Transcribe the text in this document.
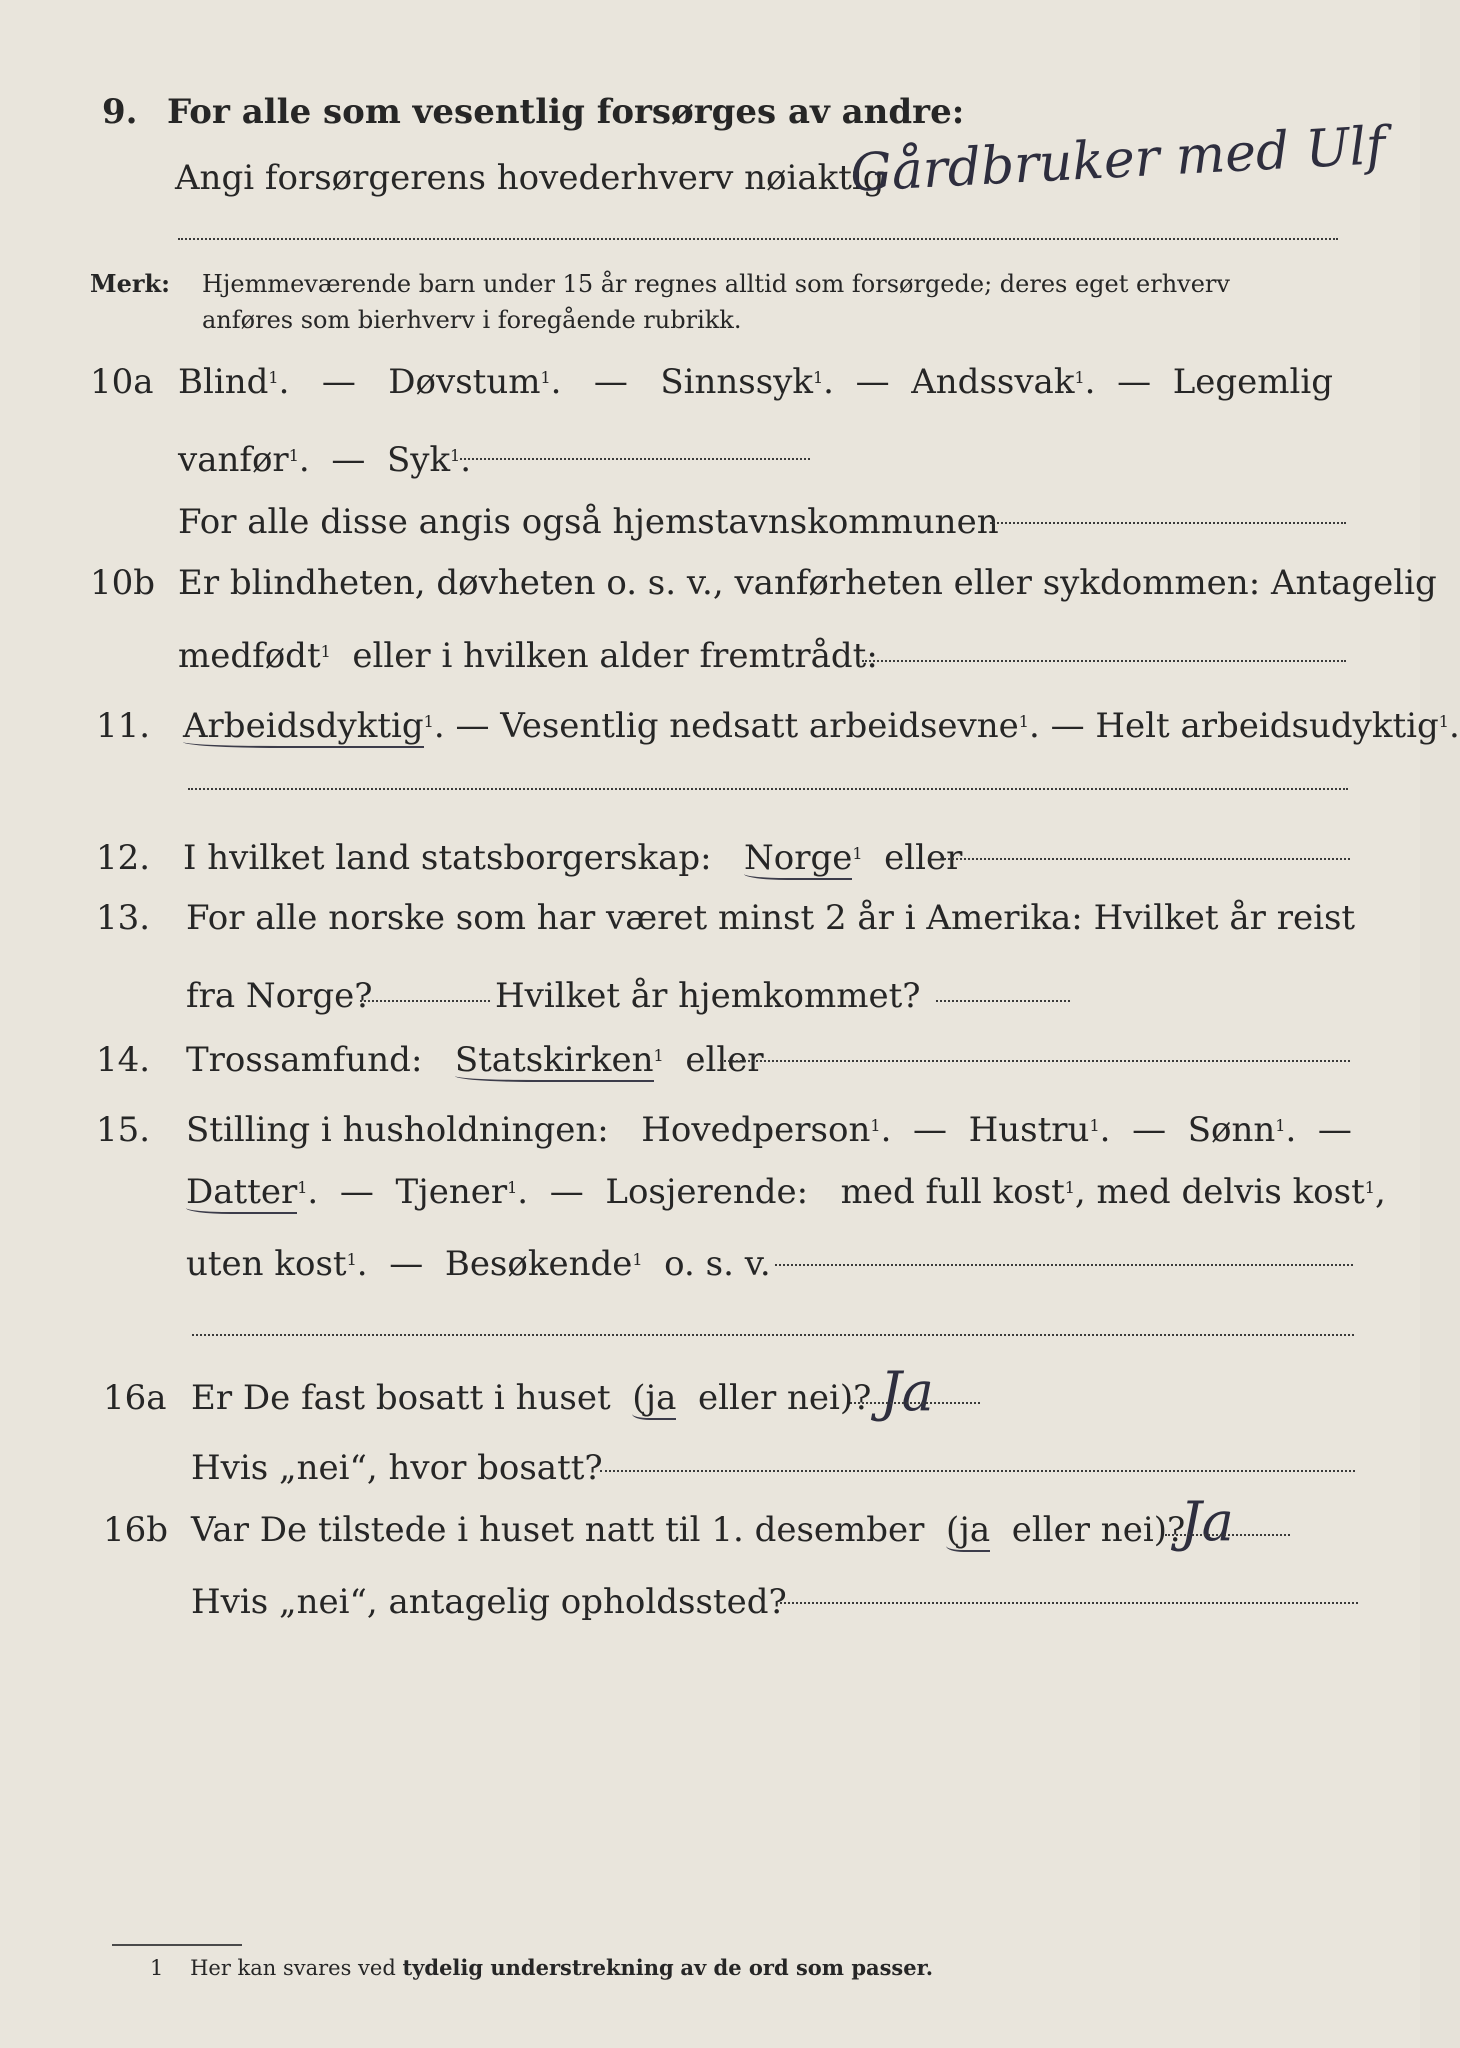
9. For alle som vesentlig forsørges av andre:
Angi forsørgerens hovederhverv nøiaktig
Gårdbruker med Ulf
Merk: Hjemmeværende barn under 15 år regnes alltid som forsørgede; deres eget erhverv
anføres som bierhverv i foregående rubrikk.
10a Blind$^1$.   — Døvstum$^1$.   — Sinnssyk$^1$.  — Andssvak$^1$.  — Legemlig
vanfør$^1$.  — Syk$^1$.
For alle disse angis også hjemstavnskommunen
10b Er blindheten, døvheten o. s. v., vanførheten eller sykdommen: Antagelig
medfødt$^1$ eller i hvilken alder fremtrådt:
11. Arbeidsdyktig$^1$. — Vesentlig nedsatt arbeidsevne$^1$. — Helt arbeidsudyktig$^1$.
12. I hvilket land statsborgerskap: Norge$^1$ eller
13. For alle norske som har været minst 2 år i Amerika: Hvilket år reist
fra Norge?	Hvilket år hjemkommet?
14. Trossamfund: Statskirken$^1$ eller
15. Stilling i husholdningen: Hovedperson$^1$.  — Hustru$^1$.  — Sønn$^1$.  —
Datter$^1$.  — Tjener$^1$.  — Losjerende: med full kost$^1$, med delvis kost$^1$,
uten kost$^1$.  — Besøkende$^1$ o. s. v.
16a Er De fast bosatt i huset (ja eller nei)? Ja
Hvis „nei“, hvor bosatt?
16b Var De tilstede i huset natt til 1. desember (ja eller nei)?
Ja
Hvis „nei“, antagelig opholdssted?
1 Her kan svares ved tydelig understrekning av de ord som passer.
